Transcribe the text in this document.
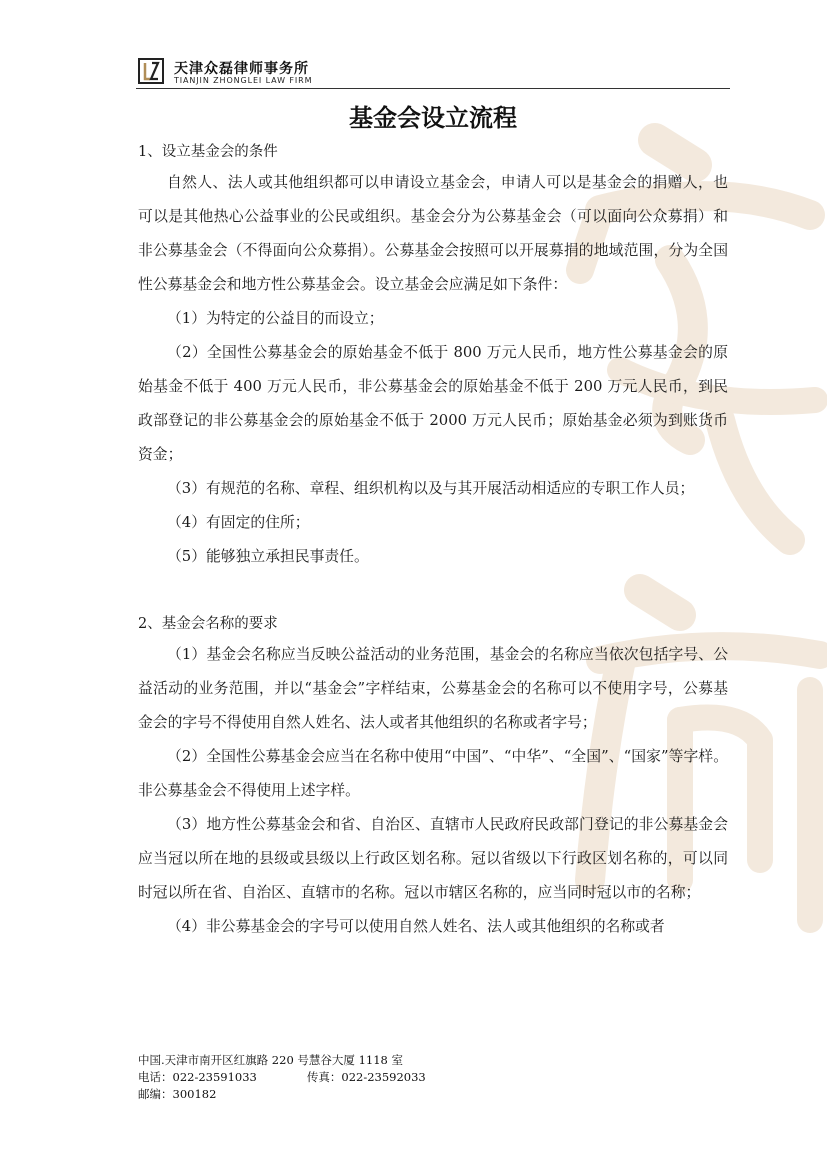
天津众磊律师事务所
TIANJIN ZHONGLEI LAW FIRM
基金会设立流程
1、设立基金会的条件
自然人、法人或其他组织都可以申请设立基金会，申请人可以是基金会的捐赠人，也可以是其他热心公益事业的公民或组织。基金会分为公募基金会（可以面向公众募捐）和非公募基金会（不得面向公众募捐）。公募基金会按照可以开展募捐的地域范围，分为全国性公募基金会和地方性公募基金会。设立基金会应满足如下条件：
（1）为特定的公益目的而设立；
（2）全国性公募基金会的原始基金不低于 800 万元人民币，地方性公募基金会的原始基金不低于 400 万元人民币，非公募基金会的原始基金不低于 200 万元人民币，到民政部登记的非公募基金会的原始基金不低于 2000 万元人民币；原始基金必须为到账货币资金；
（3）有规范的名称、章程、组织机构以及与其开展活动相适应的专职工作人员；
（4）有固定的住所；
（5）能够独立承担民事责任。
2、基金会名称的要求
（1）基金会名称应当反映公益活动的业务范围，基金会的名称应当依次包括字号、公益活动的业务范围，并以“基金会”字样结束，公募基金会的名称可以不使用字号，公募基金会的字号不得使用自然人姓名、法人或者其他组织的名称或者字号；
（2）全国性公募基金会应当在名称中使用“中国”、“中华”、“全国”、“国家”等字样。非公募基金会不得使用上述字样。
（3）地方性公募基金会和省、自治区、直辖市人民政府民政部门登记的非公募基金会应当冠以所在地的县级或县级以上行政区划名称。冠以省级以下行政区划名称的，可以同时冠以所在省、自治区、直辖市的名称。冠以市辖区名称的，应当同时冠以市的名称；
（4）非公募基金会的字号可以使用自然人姓名、法人或其他组织的名称或者
中国.天津市南开区红旗路 220 号慧谷大厦 1118 室
电话：022-23591033	传真：022-23592033
邮编：300182
